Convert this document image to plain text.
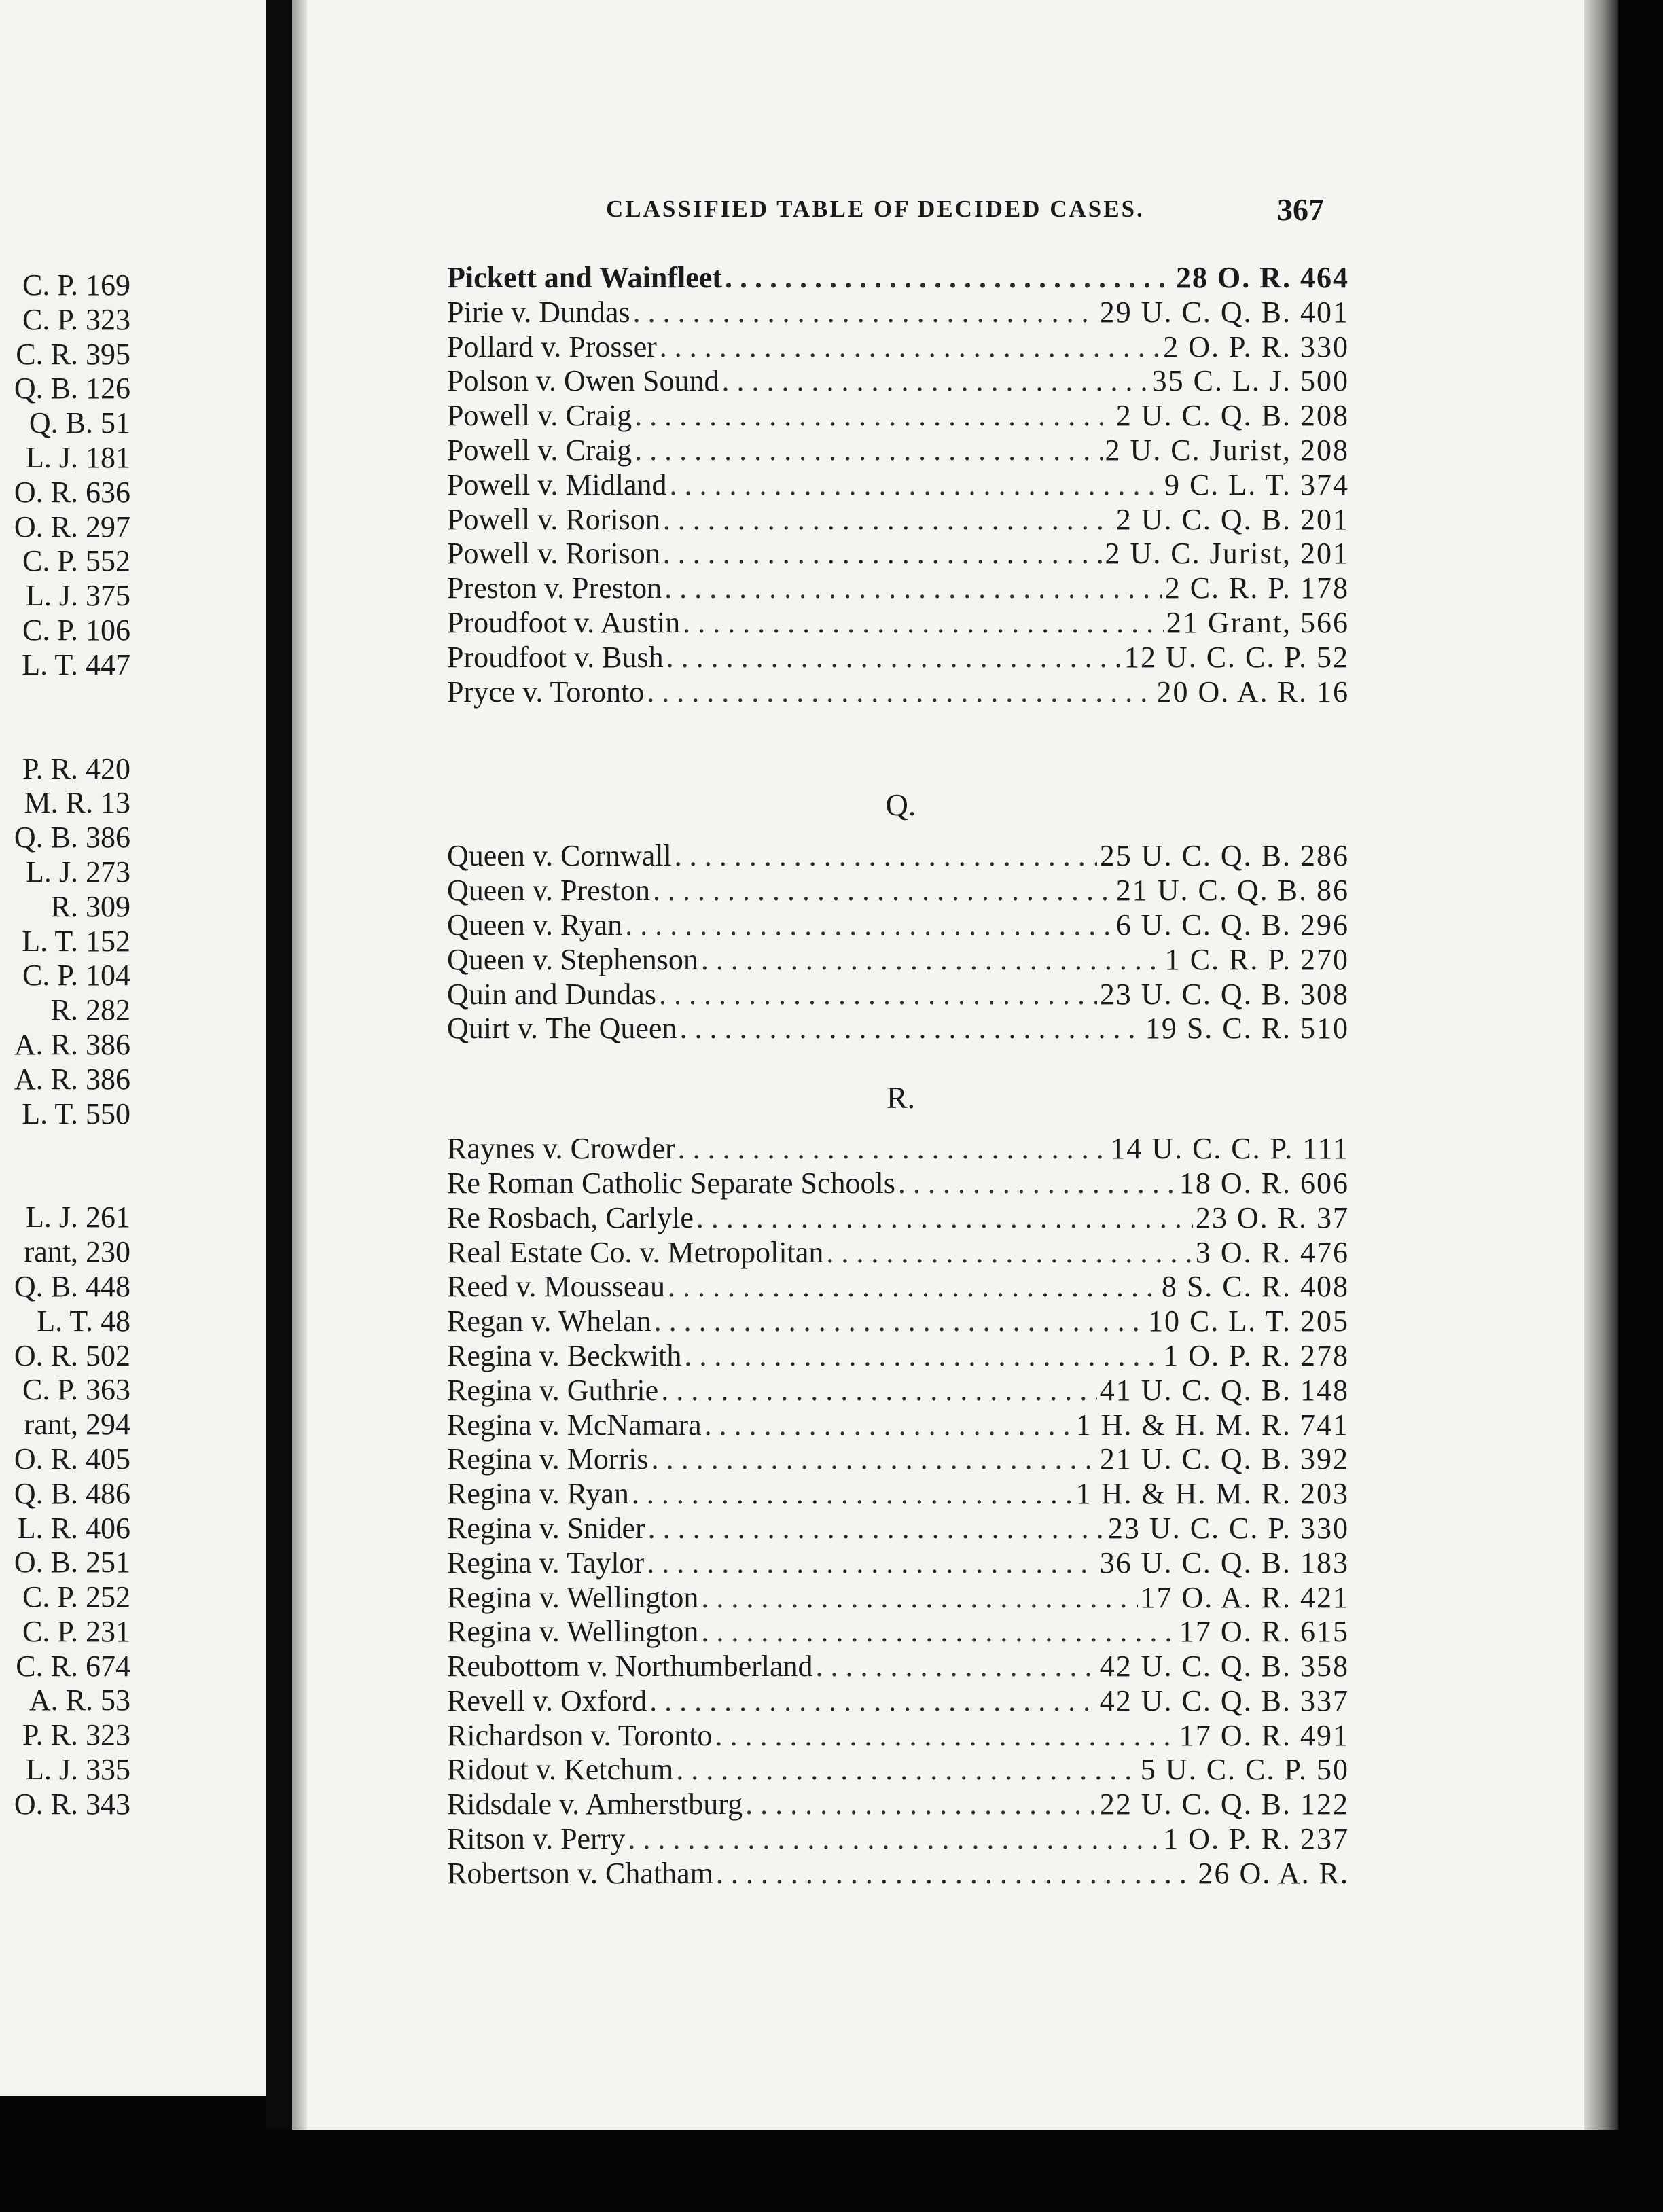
C. P. 169
C. P. 323
C. R. 395
Q. B. 126
Q. B. 51
L. J. 181
O. R. 636
O. R. 297
C. P. 552
L. J. 375
C. P. 106
L. T. 447
P. R. 420
M. R. 13
Q. B. 386
L. J. 273
R. 309
L. T. 152
C. P. 104
R. 282
A. R. 386
A. R. 386
L. T. 550
L. J. 261
rant, 230
Q. B. 448
L. T. 48
O. R. 502
C. P. 363
rant, 294
O. R. 405
Q. B. 486
L. R. 406
O. B. 251
C. P. 252
C. P. 231
C. R. 674
A. R. 53
P. R. 323
L. J. 335
O. R. 343
CLASSIFIED TABLE OF DECIDED CASES.	367
Pickett and Wainfleet . . .	28 O. R. 464
Pirie v. Dundas . . .	29 U. C. Q. B. 401
Pollard v. Prosser . . .	2 O. P. R. 330
Polson v. Owen Sound . . .	35 C. L. J. 500
Powell v. Craig . . .	2 U. C. Q. B. 208
Powell v. Craig . . .	2 U. C. Jurist, 208
Powell v. Midland . . .	9 C. L. T. 374
Powell v. Rorison . . .	2 U. C. Q. B. 201
Powell v. Rorison . . .	2 U. C. Jurist, 201
Preston v. Preston . . .	2 C. R. P. 178
Proudfoot v. Austin . . .	21 Grant, 566
Proudfoot v. Bush . . .	12 U. C. C. P. 52
Pryce v. Toronto . . .	20 O. A. R. 16
Q.
Queen v. Cornwall . . .	25 U. C. Q. B. 286
Queen v. Preston . . .	21 U. C. Q. B. 86
Queen v. Ryan . . .	6 U. C. Q. B. 296
Queen v. Stephenson . . .	1 C. R. P. 270
Quin and Dundas . . .	23 U. C. Q. B. 308
Quirt v. The Queen . . .	19 S. C. R. 510
R.
Raynes v. Crowder . . .	14 U. C. C. P. 111
Re Roman Catholic Separate Schools . . .	18 O. R. 606
Re Rosbach, Carlyle . . .	23 O. R. 37
Real Estate Co. v. Metropolitan . . .	3 O. R. 476
Reed v. Mousseau . . .	8 S. C. R. 408
Regan v. Whelan . . .	10 C. L. T. 205
Regina v. Beckwith . . .	1 O. P. R. 278
Regina v. Guthrie . . .	41 U. C. Q. B. 148
Regina v. McNamara . . .	1 H. & H. M. R. 741
Regina v. Morris . . .	21 U. C. Q. B. 392
Regina v. Ryan . . .	1 H. & H. M. R. 203
Regina v. Snider . . .	23 U. C. C. P. 330
Regina v. Taylor . . .	36 U. C. Q. B. 183
Regina v. Wellington . . .	17 O. A. R. 421
Regina v. Wellington . . .	17 O. R. 615
Reubottom v. Northumberland . . .	42 U. C. Q. B. 358
Revell v. Oxford . . .	42 U. C. Q. B. 337
Richardson v. Toronto . . .	17 O. R. 491
Ridout v. Ketchum . . .	5 U. C. C. P. 50
Ridsdale v. Amherstburg . . .	22 U. C. Q. B. 122
Ritson v. Perry . . .	1 O. P. R. 237
Robertson v. Chatham . . .	26 O. A. R.
